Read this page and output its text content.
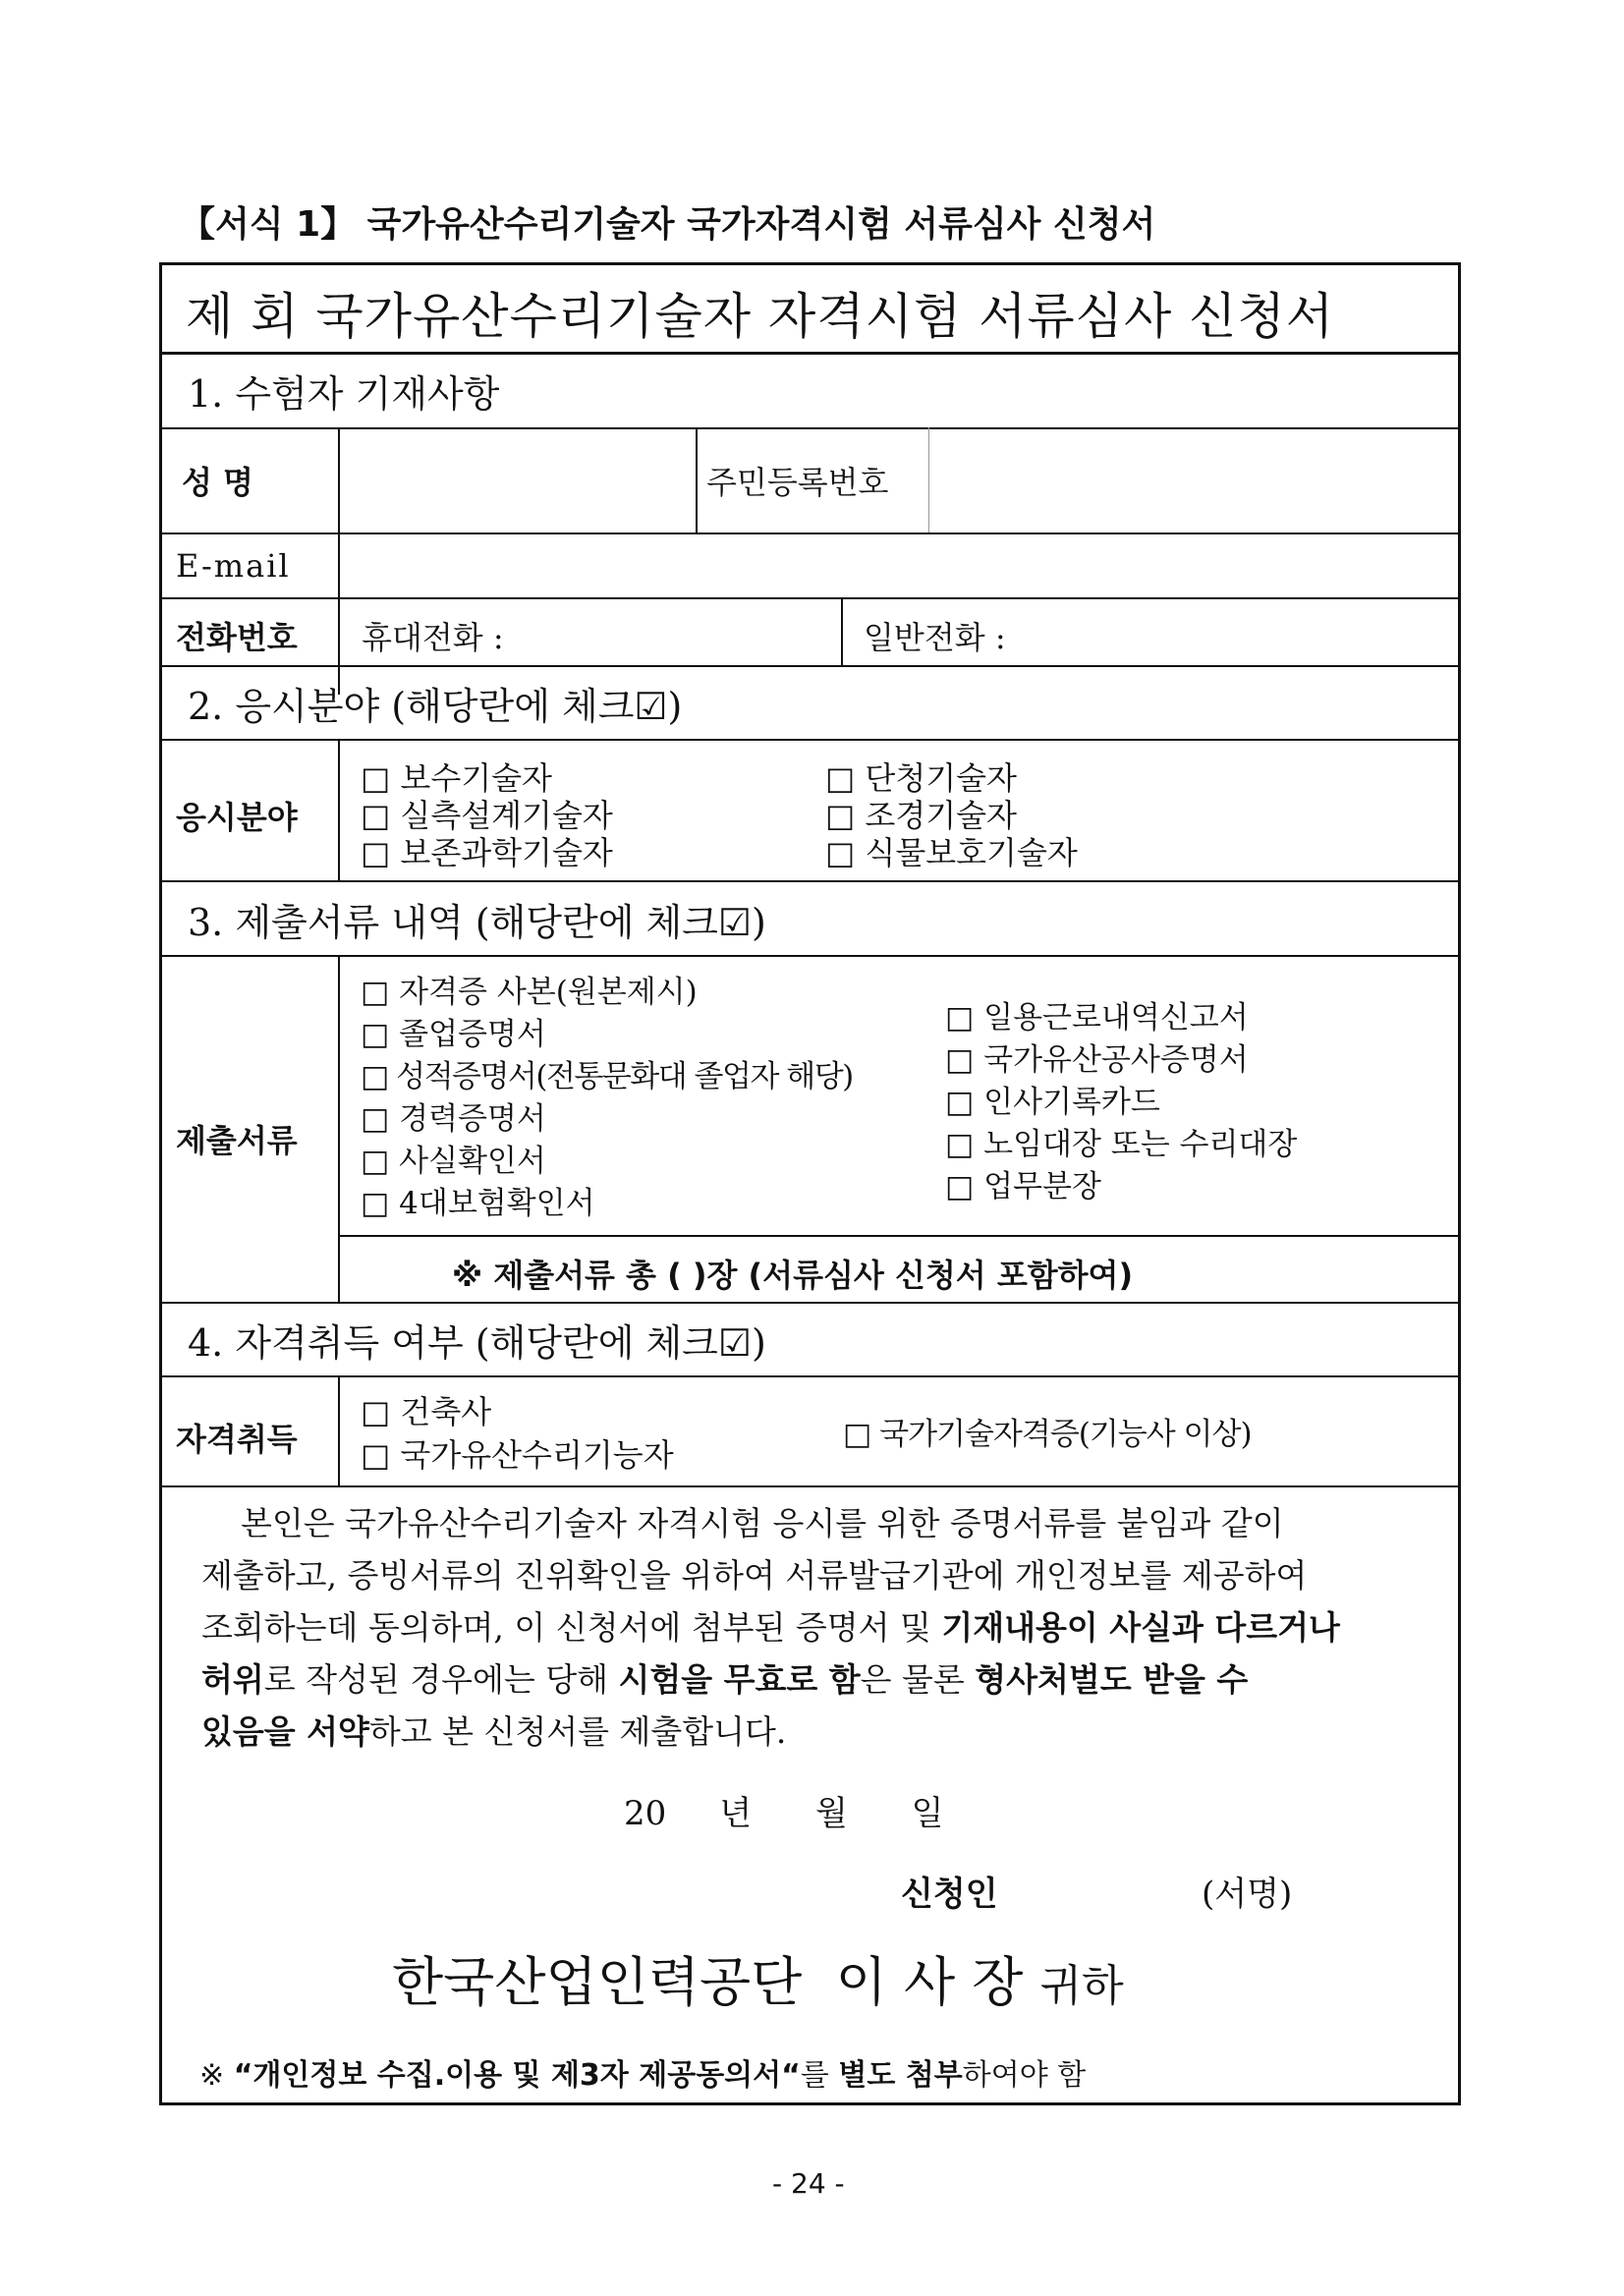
【서식 1】 국가유산수리기술자 국가자격시험 서류심사 신청서
제 회 국가유산수리기술자 자격시험 서류심사 신청서
1. 수험자 기재사항
성 명	주민등록번호
E-mail
전화번호 휴대전화 :	일반전화 :
2. 응시분야 (해당란에 체크☑)
응시분야
□ 보수기술자
□ 실측설계기술자
□ 보존과학기술자
□ 단청기술자
□ 조경기술자
□ 식물보호기술자
3. 제출서류 내역 (해당란에 체크☑)
제출서류
□ 자격증 사본(원본제시)
□ 졸업증명서
□ 성적증명서(전통문화대 졸업자 해당)
□ 경력증명서
□ 사실확인서
□ 4대보험확인서
□ 일용근로내역신고서
□ 국가유산공사증명서
□ 인사기록카드
□ 노임대장 또는 수리대장
□ 업무분장
※ 제출서류 총 ( )장 (서류심사 신청서 포함하여)
4. 자격취득 여부 (해당란에 체크☑)
자격취득
□ 건축사
□ 국가유산수리기능자
□ 국가기술자격증(기능사 이상)
본인은 국가유산수리기술자 자격시험 응시를 위한 증명서류를 붙임과 같이
제출하고, 증빙서류의 진위확인을 위하여 서류발급기관에 개인정보를 제공하여
조회하는데 동의하며, 이 신청서에 첨부된 증명서 및 기재내용이 사실과 다르거나
허위로 작성된 경우에는 당해 시험을 무효로 함은 물론 형사처벌도 받을 수
있음을 서약하고 본 신청서를 제출합니다.
20     년      월      일
신청인	(서명)
한국산업인력공단  이 사 장 귀하
※ “개인정보 수집.이용 및 제3자 제공동의서“를 별도 첨부하여야 함
- 24 -
